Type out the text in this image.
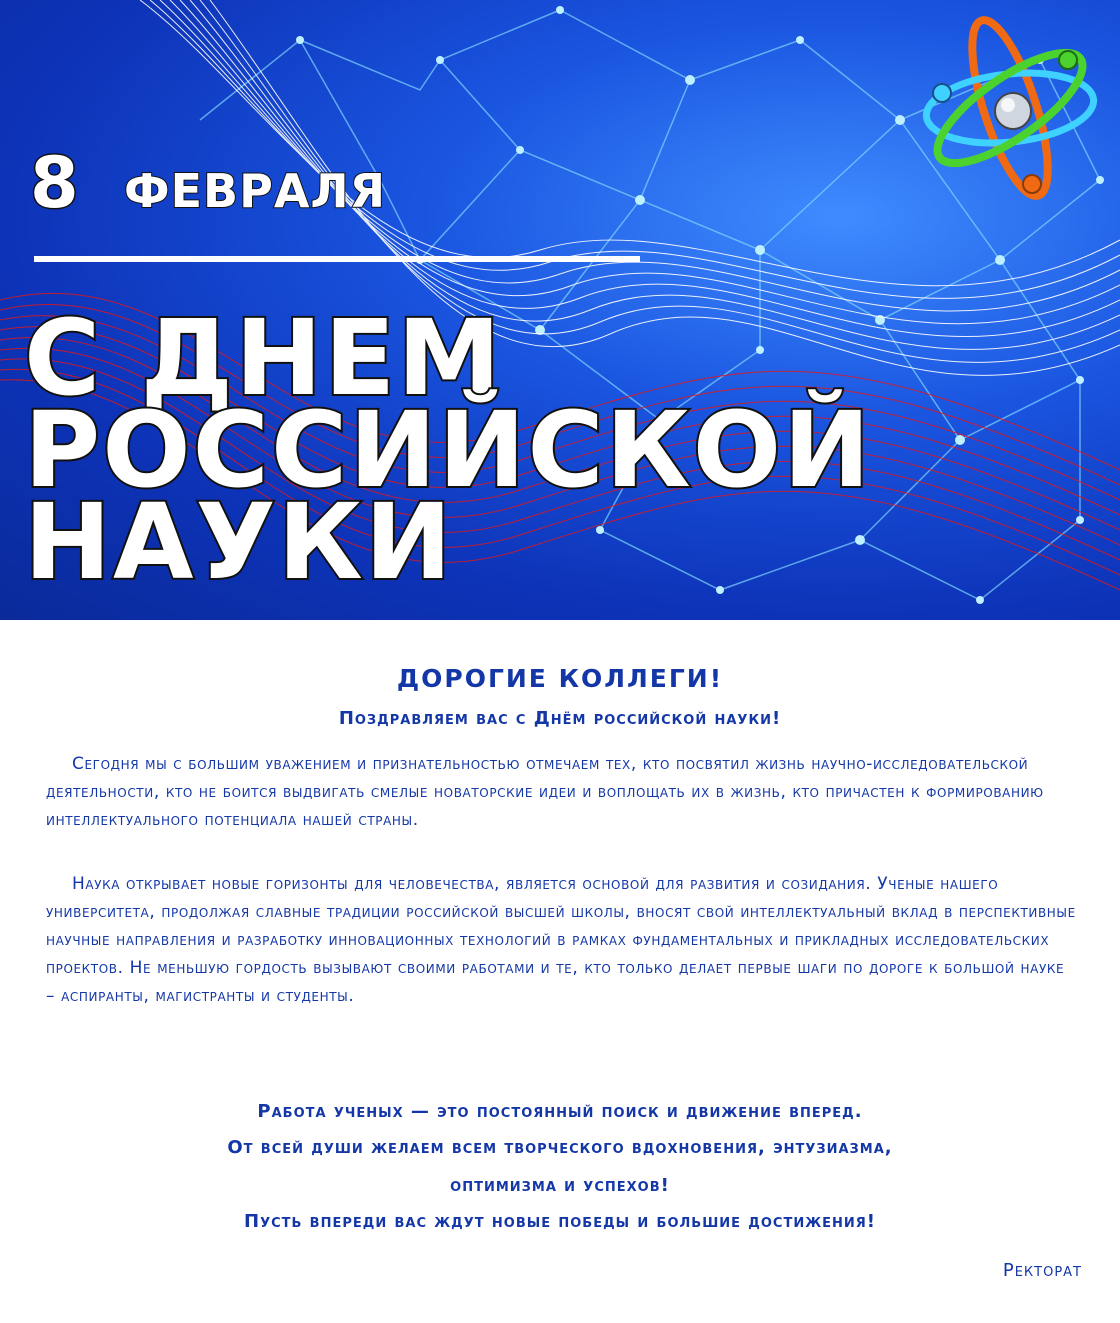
8 ФЕВРАЛЯ
С ДНЕМ
РОССИЙСКОЙ
НАУКИ
ДОРОГИЕ КОЛЛЕГИ!
Поздравляем вас с Днём российской науки!

Сегодня мы с большим уважением и признательностью отмечаем тех, кто посвятил жизнь научно-исследовательской деятельности, кто не боится выдвигать смелые новаторские идеи и воплощать их в жизнь, кто причастен к формированию интеллектуального потенциала нашей страны.

Наука открывает новые горизонты для человечества, является основой для развития и созидания. Ученые нашего университета, продолжая славные традиции российской высшей школы, вносят свой интеллектуальный вклад в перспективные научные направления и разработку инновационных технологий в рамках фундаментальных и прикладных исследовательских проектов. Не меньшую гордость вызывают своими работами и те, кто только делает первые шаги по дороге к большой науке – аспиранты, магистранты и студенты.

Работа ученых — это постоянный поиск и движение вперед.
От всей души желаем всем творческого вдохновения, энтузиазма,
оптимизма и успехов!
Пусть впереди вас ждут новые победы и большие достижения!
Ректорат
